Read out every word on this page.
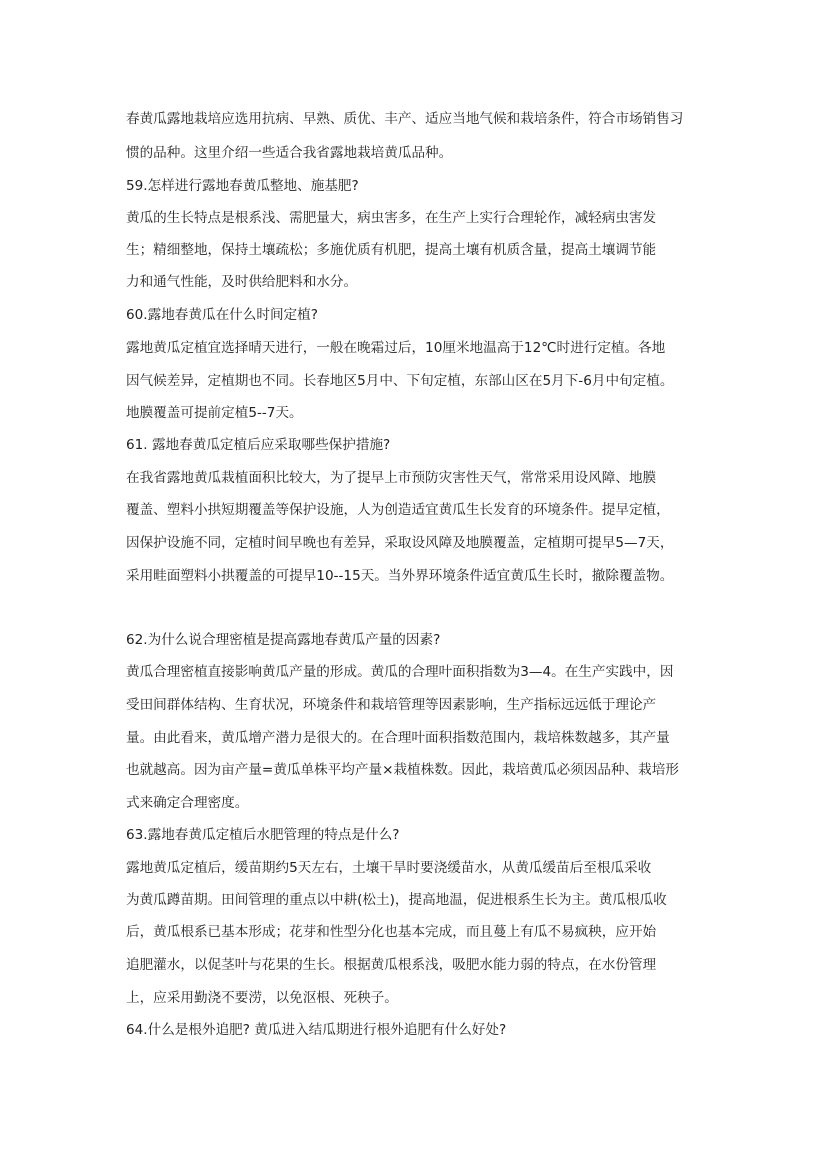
春黄瓜露地栽培应选用抗病、早熟、质优、丰产、适应当地气候和栽培条件，符合市场销售习
惯的品种。这里介绍一些适合我省露地栽培黄瓜品种。
59.怎样进行露地春黄瓜整地、施基肥?
黄瓜的生长特点是根系浅、需肥量大，病虫害多，在生产上实行合理轮作，减轻病虫害发
生；精细整地，保持土壤疏松；多施优质有机肥，提高土壤有机质含量，提高土壤调节能
力和通气性能，及时供给肥料和水分。
60.露地春黄瓜在什么时间定植?
露地黄瓜定植宜选择晴天进行，一般在晚霜过后，10厘米地温高于12℃时进行定植。各地
因气候差异，定植期也不同。长春地区5月中、下旬定植，东部山区在5月下-6月中旬定植。
地膜覆盖可提前定植5--7天。
61. 露地春黄瓜定植后应采取哪些保护措施?
在我省露地黄瓜栽植面积比较大，为了提早上市预防灾害性天气，常常采用设风障、地膜
覆盖、塑料小拱短期覆盖等保护设施，人为创造适宜黄瓜生长发育的环境条件。提早定植，
因保护设施不同，定植时间早晚也有差异，采取设风障及地膜覆盖，定植期可提早5—7天，
采用畦面塑料小拱覆盖的可提早10--15天。当外界环境条件适宜黄瓜生长时，撤除覆盖物。
62.为什么说合理密植是提高露地春黄瓜产量的因素?
黄瓜合理密植直接影响黄瓜产量的形成。黄瓜的合理叶面积指数为3—4。在生产实践中，因
受田间群体结构、生育状况，环境条件和栽培管理等因素影响，生产指标远远低于理论产
量。由此看来，黄瓜增产潜力是很大的。在合理叶面积指数范围内，栽培株数越多，其产量
也就越高。因为亩产量=黄瓜单株平均产量×栽植株数。因此，栽培黄瓜必须因品种、栽培形
式来确定合理密度。
63.露地春黄瓜定植后水肥管理的特点是什么?
露地黄瓜定植后，缓苗期约5天左右，土壤干旱时要浇缓苗水，从黄瓜缓苗后至根瓜采收
为黄瓜蹲苗期。田间管理的重点以中耕(松土)，提高地温，促进根系生长为主。黄瓜根瓜收
后，黄瓜根系已基本形成；花芽和性型分化也基本完成，而且蔓上有瓜不易疯秧，应开始
追肥灌水，以促茎叶与花果的生长。根据黄瓜根系浅，吸肥水能力弱的特点，在水份管理
上，应采用勤浇不要涝，以免沤根、死秧子。
64.什么是根外追肥? 黄瓜进入结瓜期进行根外追肥有什么好处?
